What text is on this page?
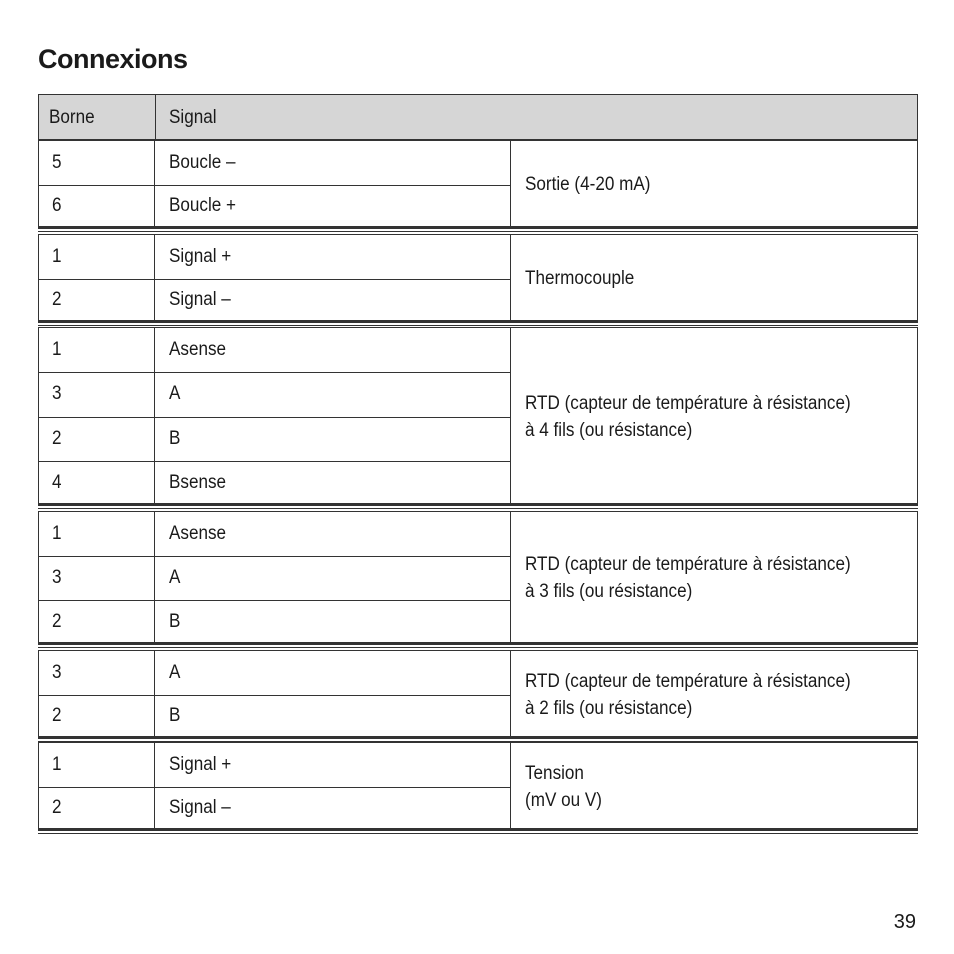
Connexions
Borne	Signal
5	Boucle –
6	Boucle +
Sortie (4-20 mA)
1	Signal +
2	Signal –
Thermocouple
1	Asense
3	A
2	B
4	Bsense
RTD (capteur de température à résistance)
à 4 fils (ou résistance)
1	Asense
3	A
2	B
RTD (capteur de température à résistance)
à 3 fils (ou résistance)
3	A
2	B
RTD (capteur de température à résistance)
à 2 fils (ou résistance)
1	Signal +
2	Signal –
Tension
(mV ou V)
39
